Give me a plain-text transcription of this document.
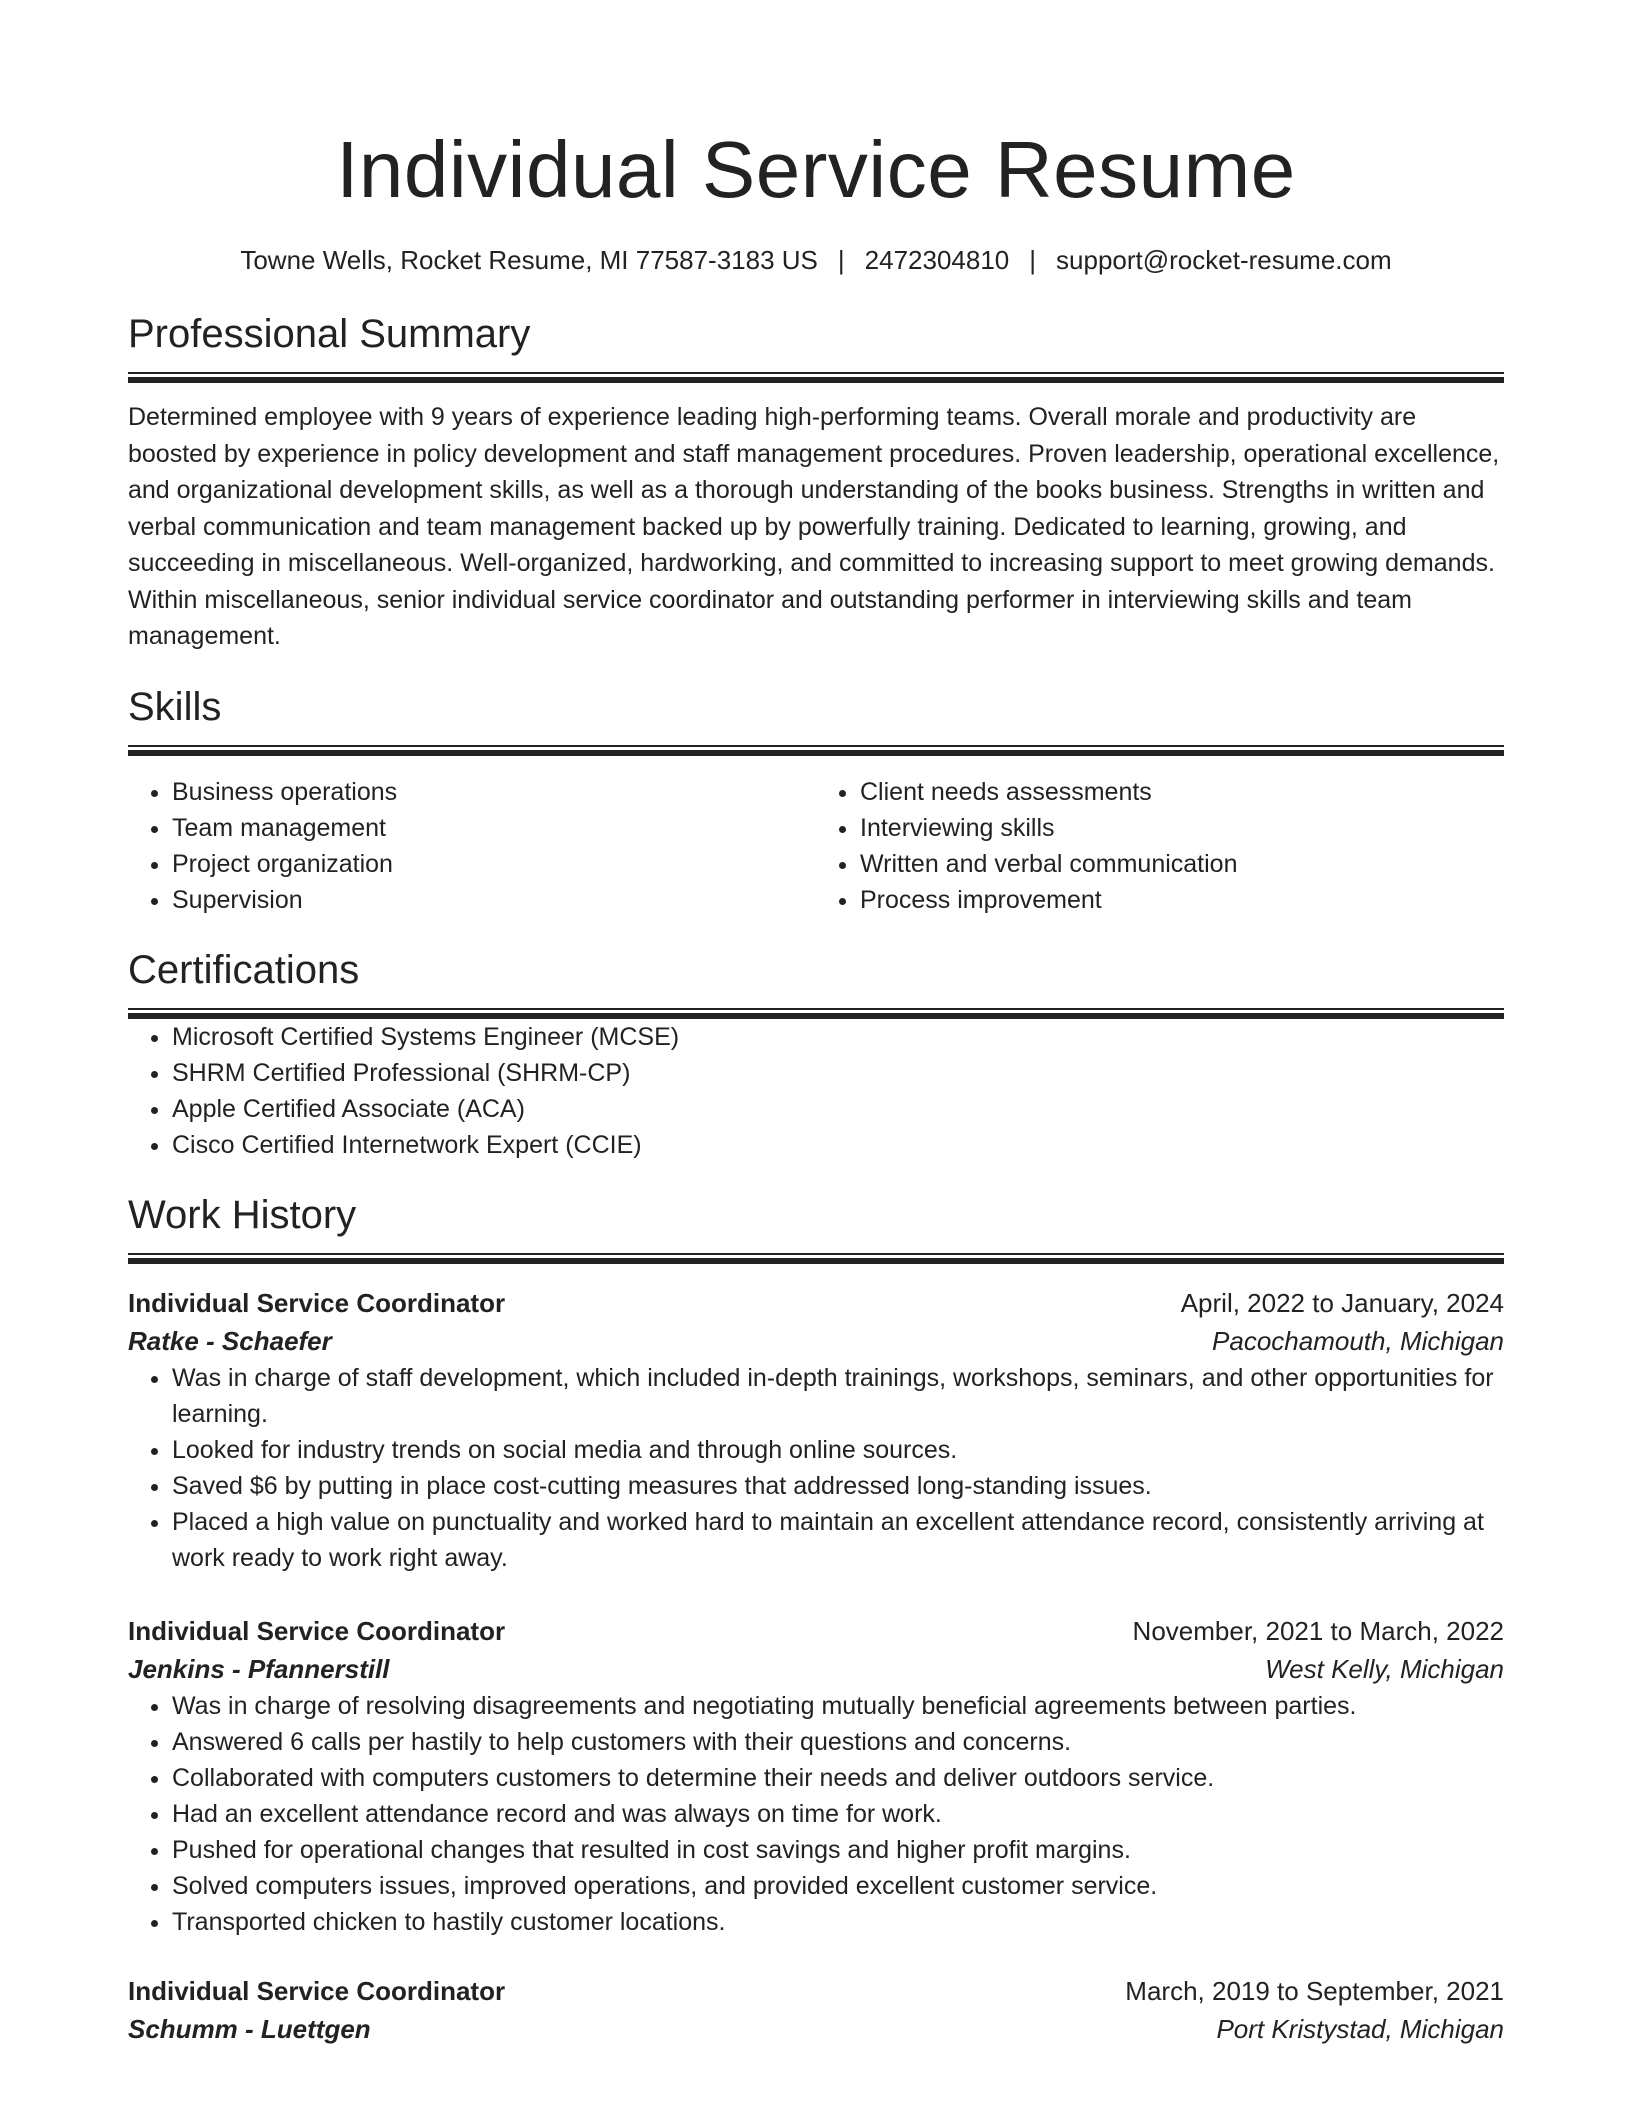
Individual Service Resume
Towne Wells, Rocket Resume, MI 77587-3183 US | 2472304810 | support@rocket-resume.com
Professional Summary

Determined employee with 9 years of experience leading high-performing teams. Overall morale and productivity are boosted by experience in policy development and staff management procedures. Proven leadership, operational excellence, and organizational development skills, as well as a thorough understanding of the books business. Strengths in written and verbal communication and team management backed up by powerfully training. Dedicated to learning, growing, and succeeding in miscellaneous. Well-organized, hardworking, and committed to increasing support to meet growing demands. Within miscellaneous, senior individual service coordinator and outstanding performer in interviewing skills and team management.

Skills
• Business operations
• Team management
• Project organization
• Supervision
• Client needs assessments
• Interviewing skills
• Written and verbal communication
• Process improvement
Certifications
• Microsoft Certified Systems Engineer (MCSE)
• SHRM Certified Professional (SHRM-CP)
• Apple Certified Associate (ACA)
• Cisco Certified Internetwork Expert (CCIE)
Work History
Individual Service Coordinator	April, 2022 to January, 2024
Ratke - Schaefer	Pacochamouth, Michigan
• Was in charge of staff development, which included in-depth trainings, workshops, seminars, and other opportunities for learning.
• Looked for industry trends on social media and through online sources.
• Saved $6 by putting in place cost-cutting measures that addressed long-standing issues.
• Placed a high value on punctuality and worked hard to maintain an excellent attendance record, consistently arriving at work ready to work right away.
Individual Service Coordinator	November, 2021 to March, 2022
Jenkins - Pfannerstill	West Kelly, Michigan
• Was in charge of resolving disagreements and negotiating mutually beneficial agreements between parties.
• Answered 6 calls per hastily to help customers with their questions and concerns.
• Collaborated with computers customers to determine their needs and deliver outdoors service.
• Had an excellent attendance record and was always on time for work.
• Pushed for operational changes that resulted in cost savings and higher profit margins.
• Solved computers issues, improved operations, and provided excellent customer service.
• Transported chicken to hastily customer locations.
Individual Service Coordinator	March, 2019 to September, 2021
Schumm - Luettgen	Port Kristystad, Michigan
